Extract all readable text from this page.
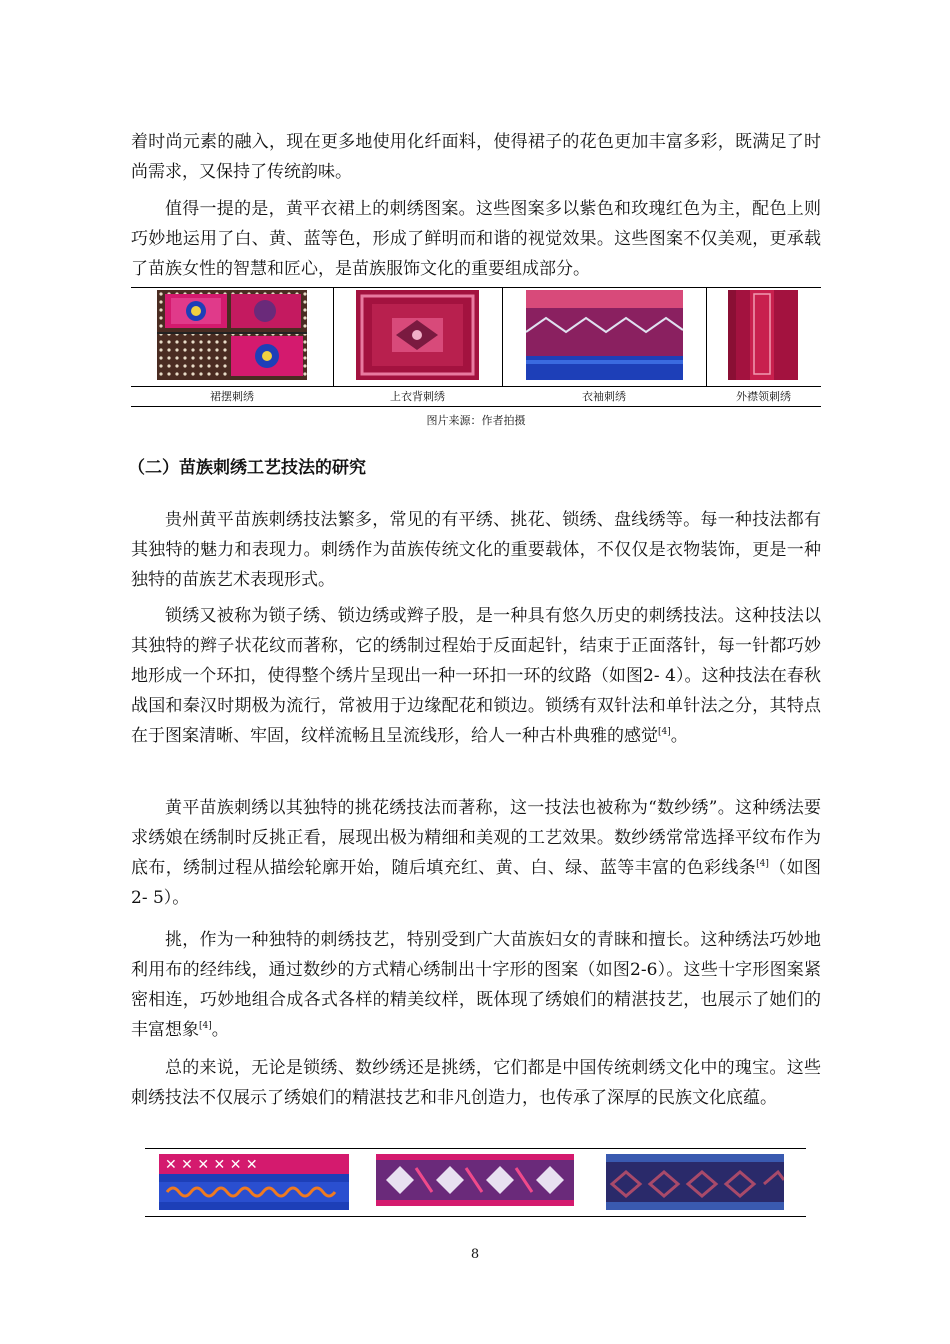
着时尚元素的融入，现在更多地使用化纤面料，使得裙子的花色更加丰富多彩，既满足了时尚需求，又保持了传统韵味。

值得一提的是，黄平衣裙上的刺绣图案。这些图案多以紫色和玫瑰红色为主，配色上则巧妙地运用了白、黄、蓝等色，形成了鲜明而和谐的视觉效果。这些图案不仅美观，更承载了苗族女性的智慧和匠心，是苗族服饰文化的重要组成部分。

裙摆刺绣	上衣背刺绣	衣袖刺绣	外襟领刺绣
图片来源：作者拍摄
（二）苗族刺绣工艺技法的研究

贵州黄平苗族刺绣技法繁多，常见的有平绣、挑花、锁绣、盘线绣等。每一种技法都有其独特的魅力和表现力。刺绣作为苗族传统文化的重要载体，不仅仅是衣物装饰，更是一种独特的苗族艺术表现形式。

锁绣又被称为锁子绣、锁边绣或辫子股，是一种具有悠久历史的刺绣技法。这种技法以其独特的辫子状花纹而著称，它的绣制过程始于反面起针，结束于正面落针，每一针都巧妙地形成一个环扣，使得整个绣片呈现出一种一环扣一环的纹路（如图2- 4）。这种技法在春秋战国和秦汉时期极为流行，常被用于边缘配花和锁边。锁绣有双针法和单针法之分，其特点在于图案清晰、牢固，纹样流畅且呈流线形，给人一种古朴典雅的感觉[4]。

黄平苗族刺绣以其独特的挑花绣技法而著称，这一技法也被称为“数纱绣”。这种绣法要求绣娘在绣制时反挑正看，展现出极为精细和美观的工艺效果。数纱绣常常选择平纹布作为底布，绣制过程从描绘轮廓开始，随后填充红、黄、白、绿、蓝等丰富的色彩线条[4]（如图2- 5）。

挑，作为一种独特的刺绣技艺，特别受到广大苗族妇女的青睐和擅长。这种绣法巧妙地利用布的经纬线，通过数纱的方式精心绣制出十字形的图案（如图2-6）。这些十字形图案紧密相连，巧妙地组合成各式各样的精美纹样，既体现了绣娘们的精湛技艺，也展示了她们的丰富想象[4]。

总的来说，无论是锁绣、数纱绣还是挑绣，它们都是中国传统刺绣文化中的瑰宝。这些刺绣技法不仅展示了绣娘们的精湛技艺和非凡创造力，也传承了深厚的民族文化底蕴。

✕ ✕ ✕ ✕ ✕ ✕
8
